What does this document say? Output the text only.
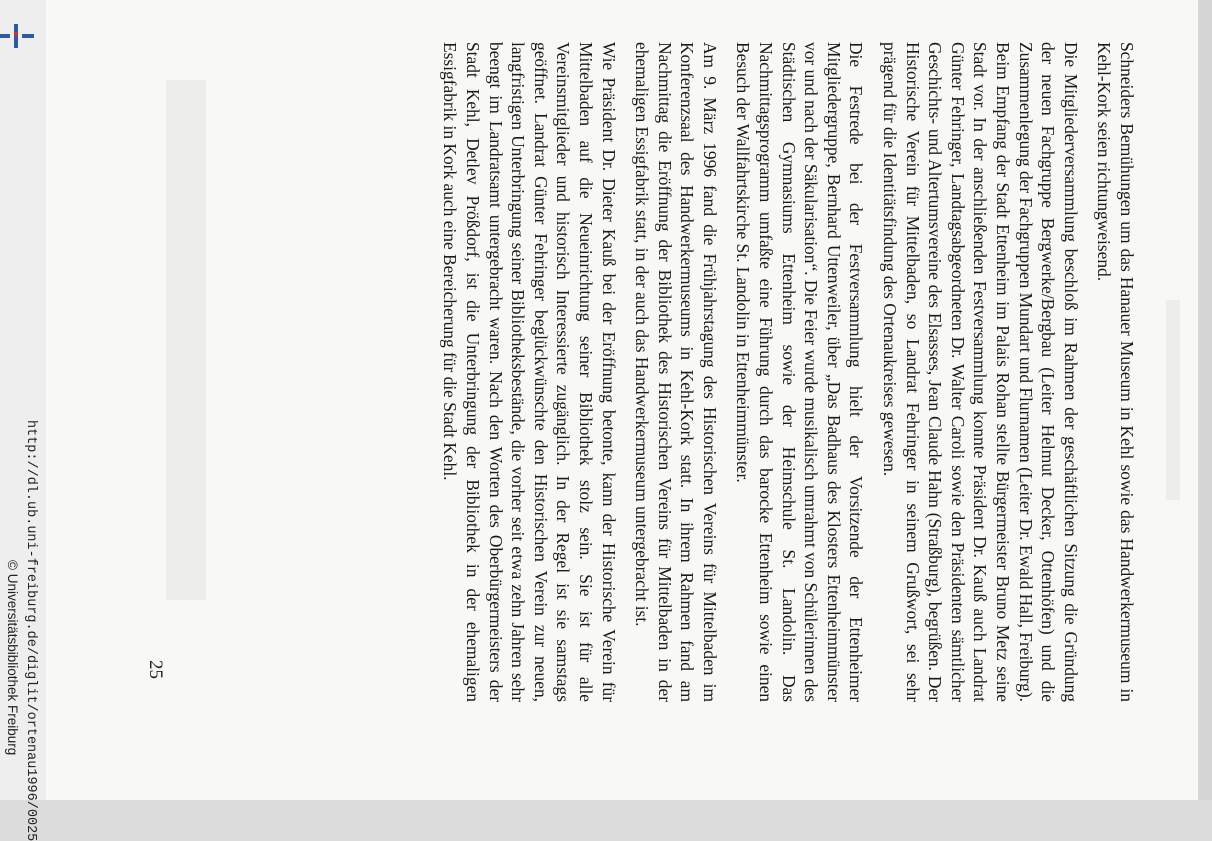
http://dl.ub.uni-freiburg.de/diglit/ortenau1996/0025
© Universitätsbibliothek Freiburg	Schneiders Bemühungen um das Hanauer Museum in Kehl sowie das Handwerkermuseum in Kehl-Kork seien richtungweisend.

Die Mitgliederversammlung beschloß im Rahmen der geschäftlichen Sitzung die Gründung der neuen Fachgruppe Bergwerke/Bergbau (Leiter Helmut Decker, Ottenhöfen) und die Zusammenlegung der Fachgruppen Mundart und Flurnamen (Leiter Dr. Ewald Hall, Freiburg). Beim Empfang der Stadt Ettenheim im Palais Rohan stellte Bürgermeister Bruno Metz seine Stadt vor. In der anschließenden Festversammlung konnte Präsident Dr. Kauß auch Landrat Günter Fehringer, Landtagsabgeordneten Dr. Walter Caroli sowie den Präsidenten sämtlicher Geschichts- und Altertumsvereine des Elsasses, Jean Claude Hahn (Straßburg), begrüßen. Der Historische Verein für Mittelbaden, so Landrat Fehringer in seinem Grußwort, sei sehr prägend für die Identitätsfindung des Ortenaukreises gewesen.

Die Festrede bei der Festversammlung hielt der Vorsitzende der Ettenheimer Mitgliedergruppe, Bernhard Uttenweiler, über „Das Badhaus des Klosters Ettenheimmünster vor und nach der Säkularisation“. Die Feier wurde musikalisch umrahmt von Schülerinnen des Städtischen Gymnasiums Ettenheim sowie der Heimschule St. Landolin. Das Nachmittagsprogramm umfaßte eine Führung durch das barocke Ettenheim sowie einen Besuch der Wallfahrtskirche St. Landolin in Ettenheimmünster.

Am 9. März 1996 fand die Frühjahrstagung des Historischen Vereins für Mittelbaden im Konferenzsaal des Handwerkermuseums in Kehl-Kork statt. In ihrem Rahmen fand am Nachmittag die Eröffnung der Bibliothek des Historischen Vereins für Mittelbaden in der ehemaligen Essigfabrik statt, in der auch das Handwerkermuseum untergebracht ist.

Wie Präsident Dr. Dieter Kauß bei der Eröffnung betonte, kann der Historische Verein für Mittelbaden auf die Neueinrichtung seiner Bibliothek stolz sein. Sie ist für alle Vereinsmitglieder und historisch Interessierte zugänglich. In der Regel ist sie samstags geöffnet. Landrat Günter Fehringer beglückwünschte den Historischen Verein zur neuen, langfristigen Unterbringung seiner Bibliotheksbestände, die vorher seit etwa zehn Jahren sehr beengt im Landratsamt untergebracht waren. Nach den Worten des Oberbürgermeisters der Stadt Kehl, Detlev Prößdorf, ist die Unterbringung der Bibliothek in der ehemaligen Essigfabrik in Kork auch eine Bereicherung für die Stadt Kehl.

25
